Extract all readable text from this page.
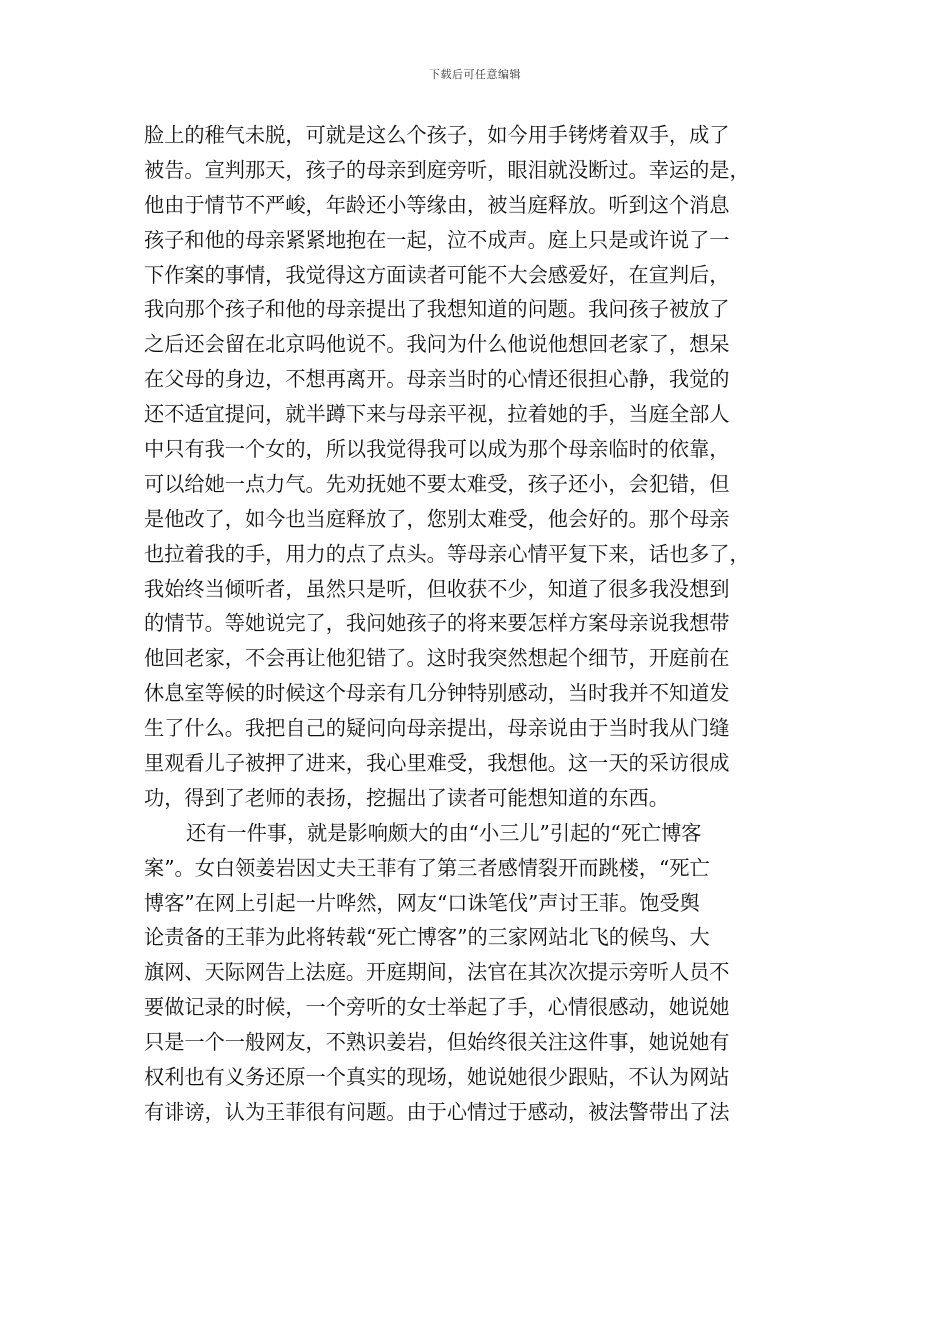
下载后可任意编辑
脸上的稚气未脱，可就是这么个孩子，如今用手铐烤着双手，成了
被告。宣判那天，孩子的母亲到庭旁听，眼泪就没断过。幸运的是，
他由于情节不严峻，年龄还小等缘由，被当庭释放。听到这个消息
孩子和他的母亲紧紧地抱在一起，泣不成声。庭上只是或许说了一
下作案的事情，我觉得这方面读者可能不大会感爱好，在宣判后，
我向那个孩子和他的母亲提出了我想知道的问题。我问孩子被放了
之后还会留在北京吗他说不。我问为什么他说他想回老家了，想呆
在父母的身边，不想再离开。母亲当时的心情还很担心静，我觉的
还不适宜提问，就半蹲下来与母亲平视，拉着她的手，当庭全部人
中只有我一个女的，所以我觉得我可以成为那个母亲临时的依靠，
可以给她一点力气。先劝抚她不要太难受，孩子还小，会犯错，但
是他改了，如今也当庭释放了，您别太难受，他会好的。那个母亲
也拉着我的手，用力的点了点头。等母亲心情平复下来，话也多了，
我始终当倾听者，虽然只是听，但收获不少，知道了很多我没想到
的情节。等她说完了，我问她孩子的将来要怎样方案母亲说我想带
他回老家，不会再让他犯错了。这时我突然想起个细节，开庭前在
休息室等候的时候这个母亲有几分钟特别感动，当时我并不知道发
生了什么。我把自己的疑问向母亲提出，母亲说由于当时我从门缝
里观看儿子被押了进来，我心里难受，我想他。这一天的采访很成
功，得到了老师的表扬，挖掘出了读者可能想知道的东西。
还有一件事，就是影响颇大的由“小三儿”引起的“死亡博客
案”。女白领姜岩因丈夫王菲有了第三者感情裂开而跳楼，“死亡
博客”在网上引起一片哗然，网友“口诛笔伐”声讨王菲。饱受舆
论责备的王菲为此将转载“死亡博客”的三家网站北飞的候鸟、大
旗网、天际网告上法庭。开庭期间，法官在其次次提示旁听人员不
要做记录的时候，一个旁听的女士举起了手，心情很感动，她说她
只是一个一般网友，不熟识姜岩，但始终很关注这件事，她说她有
权利也有义务还原一个真实的现场，她说她很少跟贴，不认为网站
有诽谤，认为王菲很有问题。由于心情过于感动，被法警带出了法
